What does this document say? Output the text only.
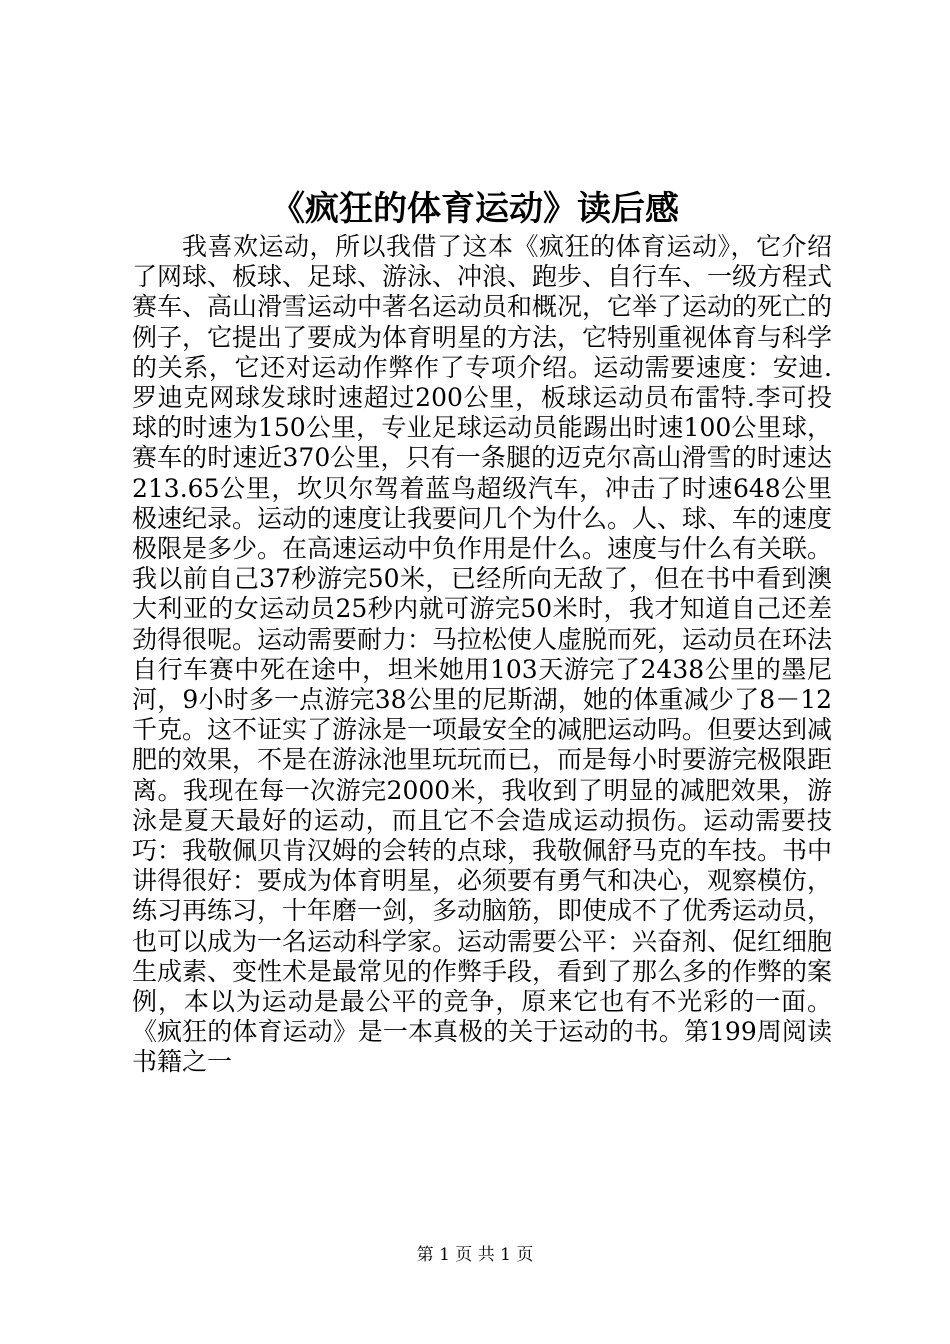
《疯狂的体育运动》读后感

我喜欢运动，所以我借了这本《疯狂的体育运动》，它介绍了网球、板球、足球、游泳、冲浪、跑步、自行车、一级方程式赛车、高山滑雪运动中著名运动员和概况，它举了运动的死亡的例子，它提出了要成为体育明星的方法，它特别重视体育与科学的关系，它还对运动作弊作了专项介绍。运动需要速度：安迪.罗迪克网球发球时速超过200公里，板球运动员布雷特.李可投球的时速为150公里，专业足球运动员能踢出时速100公里球，赛车的时速近370公里，只有一条腿的迈克尔高山滑雪的时速达213.65公里，坎贝尔驾着蓝鸟超级汽车，冲击了时速648公里极速纪录。运动的速度让我要问几个为什么。人、球、车的速度极限是多少。在高速运动中负作用是什么。速度与什么有关联。我以前自己37秒游完50米，已经所向无敌了，但在书中看到澳大利亚的女运动员25秒内就可游完50米时，我才知道自己还差劲得很呢。运动需要耐力：马拉松使人虚脱而死，运动员在环法自行车赛中死在途中，坦米她用103天游完了2438公里的墨尼河，9小时多一点游完38公里的尼斯湖，她的体重减少了8－12千克。这不证实了游泳是一项最安全的减肥运动吗。但要达到减肥的效果，不是在游泳池里玩玩而已，而是每小时要游完极限距离。我现在每一次游完2000米，我收到了明显的减肥效果，游泳是夏天最好的运动，而且它不会造成运动损伤。运动需要技巧：我敬佩贝肯汉姆的会转的点球，我敬佩舒马克的车技。书中讲得很好：要成为体育明星，必须要有勇气和决心，观察模仿，练习再练习，十年磨一剑，多动脑筋，即使成不了优秀运动员，也可以成为一名运动科学家。运动需要公平：兴奋剂、促红细胞生成素、变性术是最常见的作弊手段，看到了那么多的作弊的案例，本以为运动是最公平的竞争，原来它也有不光彩的一面。《疯狂的体育运动》是一本真极的关于运动的书。第199周阅读书籍之一

第 1 页 共 1 页
